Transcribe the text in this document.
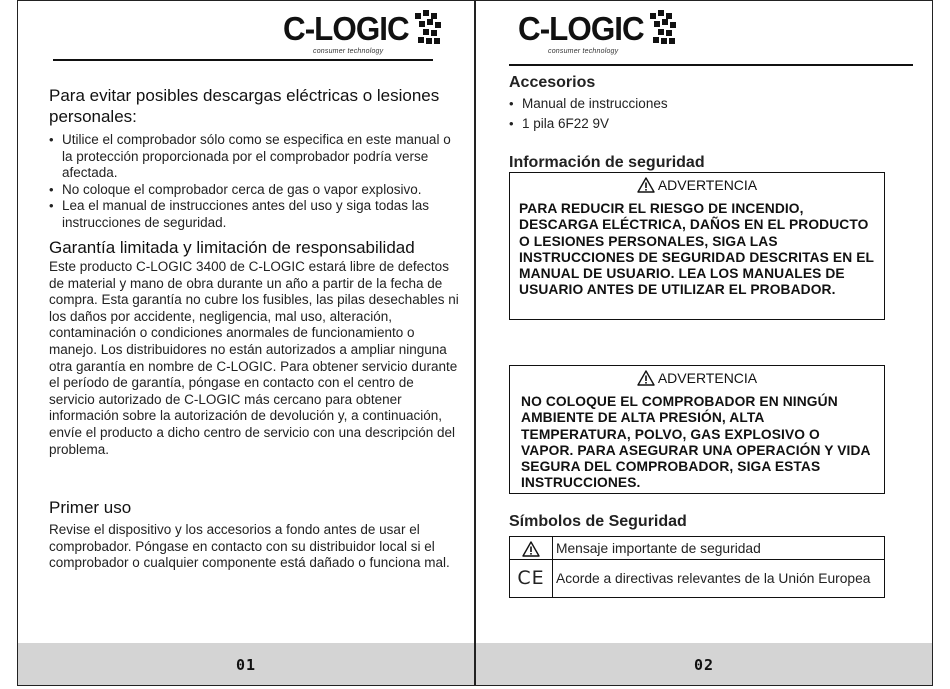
C-LOGIC
consumer technology
Para evitar posibles descargas eléctricas o lesiones personales:
• Utilice el comprobador sólo como se especifica en este manual o la protección proporcionada por el comprobador podría verse afectada.
• No coloque el comprobador cerca de gas o vapor explosivo.
• Lea el manual de instrucciones antes del uso y siga todas las instrucciones de seguridad.
Garantía limitada y limitación de responsabilidad

Este producto C-LOGIC 3400 de C-LOGIC estará libre de defectos de material y mano de obra durante un año a partir de la fecha de compra. Esta garantía no cubre los fusibles, las pilas desechables ni los daños por accidente, negligencia, mal uso, alteración, contaminación o condiciones anormales de funcionamiento o manejo. Los distribuidores no están autorizados a ampliar ninguna otra garantía en nombre de C-LOGIC. Para obtener servicio durante el período de garantía, póngase en contacto con el centro de servicio autorizado de C-LOGIC más cercano para obtener información sobre la autorización de devolución y, a continuación, envíe el producto a dicho centro de servicio con una descripción del problema.

Primer uso

Revise el dispositivo y los accesorios a fondo antes de usar el comprobador. Póngase en contacto con su distribuidor local si el comprobador o cualquier componente está dañado o funciona mal.

01
C-LOGIC
consumer technology
Accesorios
• Manual de instrucciones
• 1 pila 6F22 9V
Información de seguridad
ADVERTENCIA
PARA REDUCIR EL RIESGO DE INCENDIO, DESCARGA ELÉCTRICA, DAÑOS EN EL PRODUCTO O LESIONES PERSONALES, SIGA LAS INSTRUCCIONES DE SEGURIDAD DESCRITAS EN EL MANUAL DE USUARIO. LEA LOS MANUALES DE USUARIO ANTES DE UTILIZAR EL PROBADOR.
ADVERTENCIA
NO COLOQUE EL COMPROBADOR EN NINGÚN AMBIENTE DE ALTA PRESIÓN, ALTA TEMPERATURA, POLVO, GAS EXPLOSIVO O VAPOR. PARA ASEGURAR UNA OPERACIÓN Y VIDA SEGURA DEL COMPROBADOR, SIGA ESTAS INSTRUCCIONES.
Símbolos de Seguridad
	Mensaje importante de seguridad
CE	Acorde a directivas relevantes de la Unión Europea
02
